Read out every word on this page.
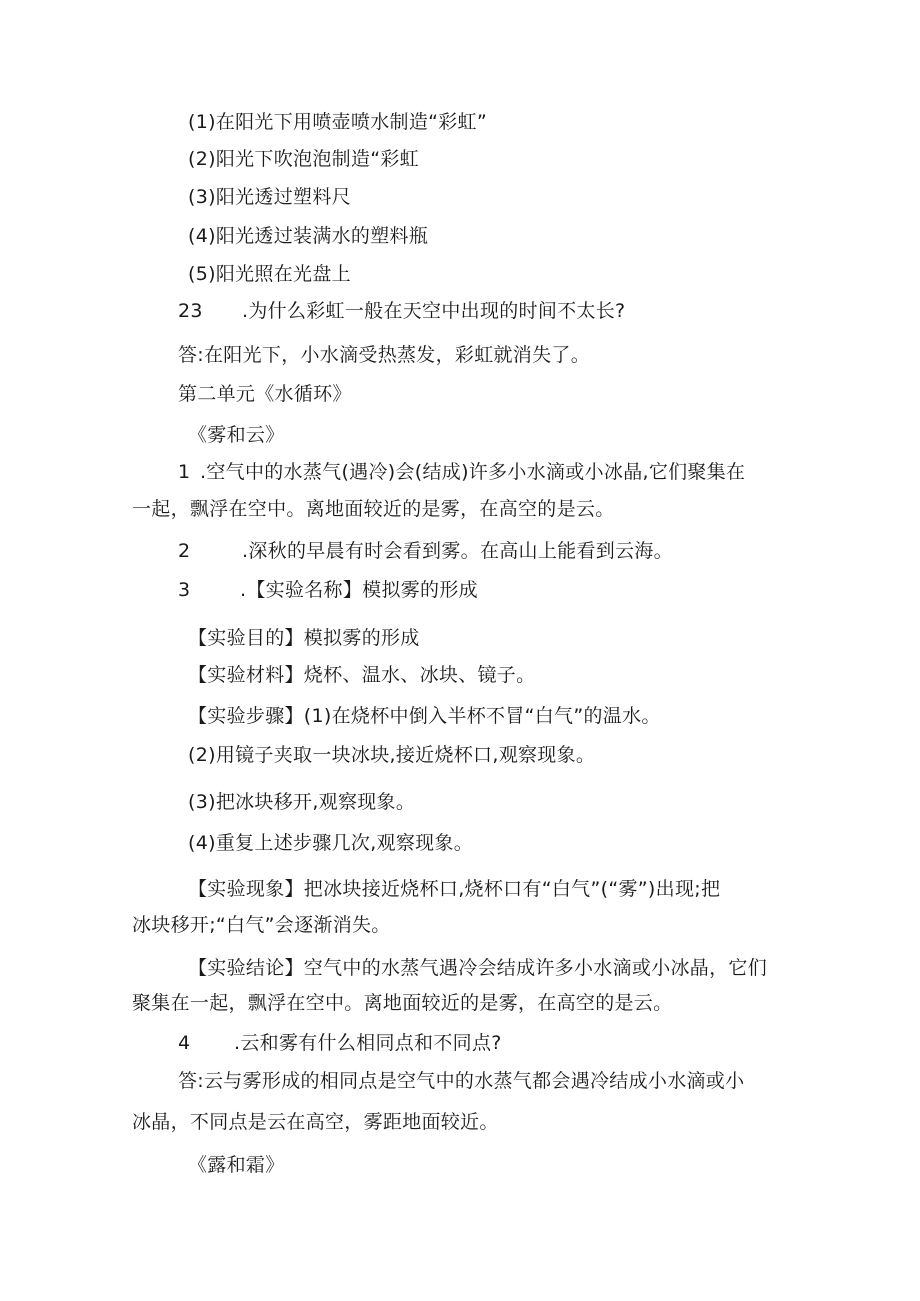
(1)在阳光下用喷壶喷水制造“彩虹”
(2)阳光下吹泡泡制造“彩虹
(3)阳光透过塑料尺
(4)阳光透过装满水的塑料瓶
(5)阳光照在光盘上
23 .为什么彩虹一般在天空中出现的时间不太长?
答:在阳光下，小水滴受热蒸发，彩虹就消失了。
第二单元《水循环》
《雾和云》
1 .空气中的水蒸气(遇冷)会(结成)许多小水滴或小冰晶,它们聚集在
一起，飘浮在空中。离地面较近的是雾，在高空的是云。
2	.深秋的早晨有时会看到雾。在高山上能看到云海。
3	.【实验名称】模拟雾的形成
【实验目的】模拟雾的形成
【实验材料】烧杯、温水、冰块、镜子。
【实验步骤】(1)在烧杯中倒入半杯不冒“白气”的温水。
(2)用镜子夹取一块冰块,接近烧杯口,观察现象。
(3)把冰块移开,观察现象。
(4)重复上述步骤几次,观察现象。
【实验现象】把冰块接近烧杯口,烧杯口有“白气”(“雾”)出现;把
冰块移开;“白气”会逐渐消失。
【实验结论】空气中的水蒸气遇冷会结成许多小水滴或小冰晶，它们
聚集在一起，飘浮在空中。离地面较近的是雾，在高空的是云。
4 .云和雾有什么相同点和不同点?
答:云与雾形成的相同点是空气中的水蒸气都会遇冷结成小水滴或小
冰晶，不同点是云在高空，雾距地面较近。
《露和霜》
